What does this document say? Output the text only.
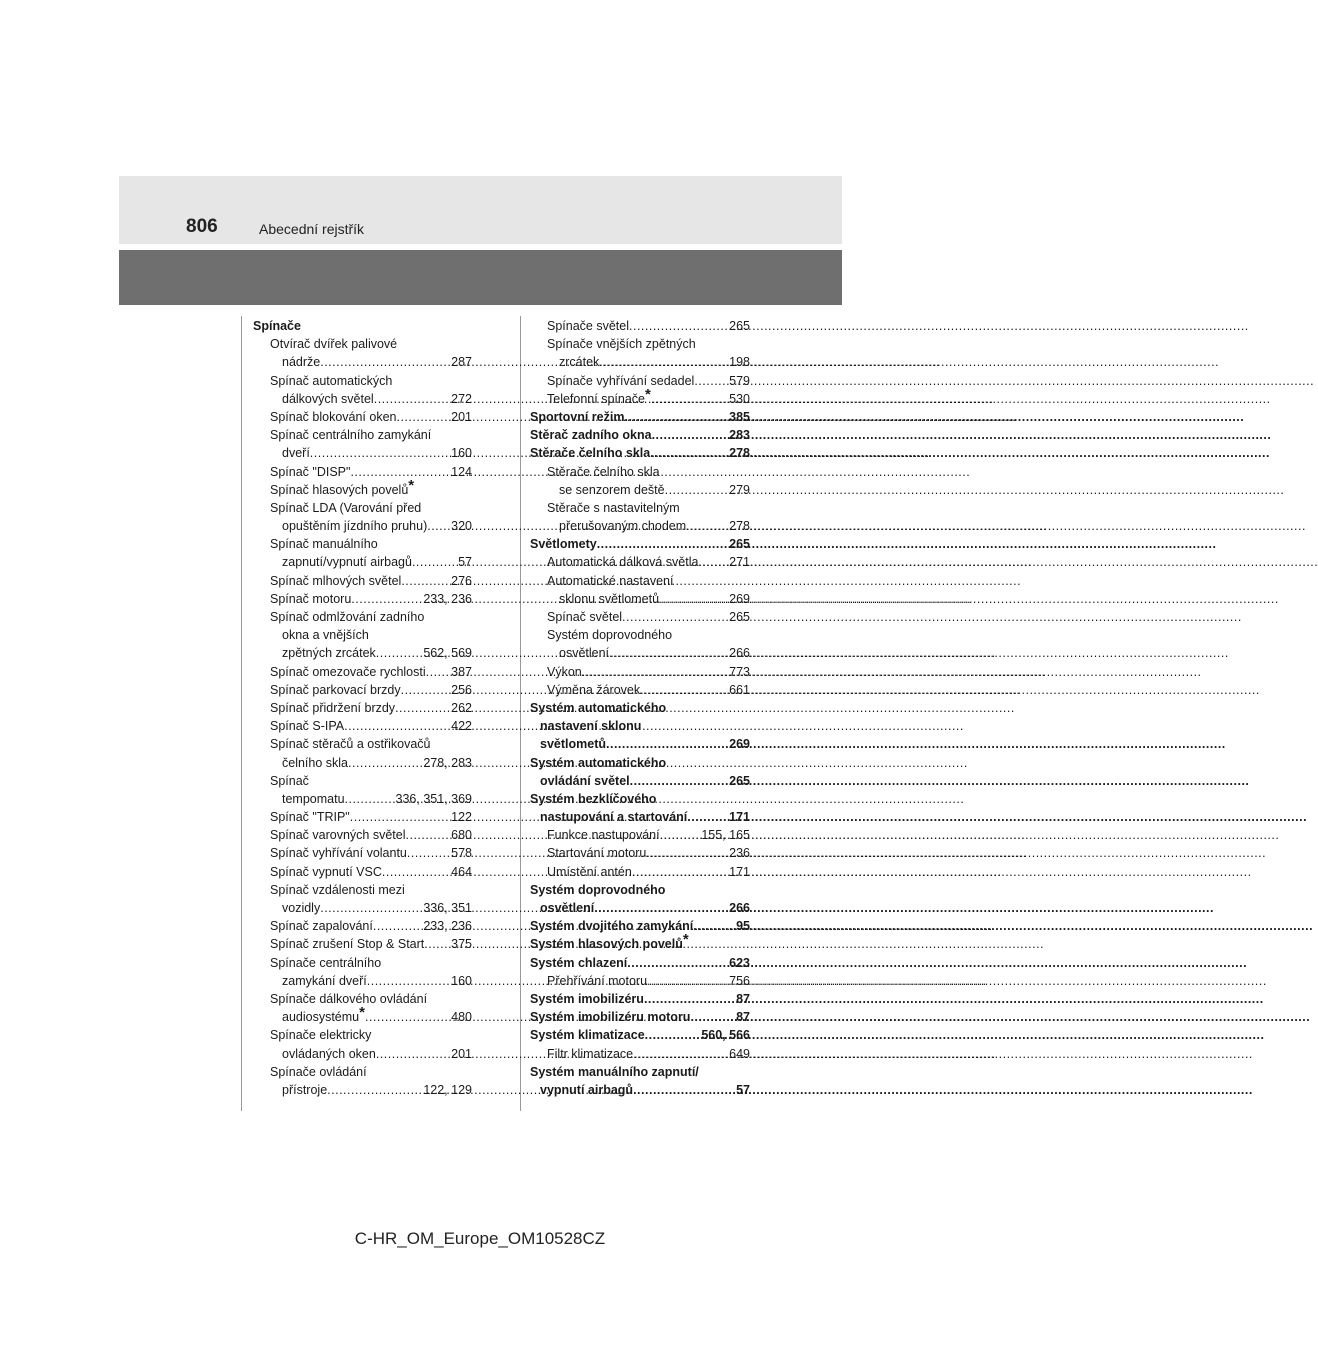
806	Abecední rejstřík
Spínače
Otvírač dvířek palivové
nádrže .....	287
Spínač automatických
dálkových světel .....	272
Spínač blokování oken .....	201
Spínač centrálního zamykání
dveří .....	160
Spínač "DISP" .....	124
Spínač hlasových povelů *
Spínač LDA (Varování před
opuštěním jízdního pruhu) ..... 320
Spínač manuálního
zapnutí/vypnutí airbagů .....	57
Spínač mlhových světel .....	276
Spínač motoru .....	233, 236
Spínač odmlžování zadního
okna a vnějších
zpětných zrcátek .....	562, 569
Spínač omezovače rychlosti ..... 387
Spínač parkovací brzdy .....	256
Spínač přidržení brzdy .....	262
Spínač S-IPA .....	422
Spínač stěračů a ostřikovačů
čelního skla .....	278, 283
Spínač
tempomatu .....	336, 351, 369
Spínač "TRIP" .....	122
Spínač varovných světel .....	680
Spínač vyhřívání volantu .....	578
Spínač vypnutí VSC .....	464
Spínač vzdálenosti mezi
vozidly .....	336, 351
Spínač zapalování .....	233, 236
Spínač zrušení Stop & Start ..... 375
Spínače centrálního
zamykání dveří .....	160
Spínače dálkového ovládání
audiosystému * .....	480
Spínače elektricky
ovládaných oken .....	201
Spínače ovládání
přístroje .....	122, 129
Spínače světel .....	265
Spínače vnějších zpětných
zrcátek .....	198
Spínače vyhřívání sedadel .....	579
Telefonní spínače * .....	530
Sportovní režim .....	385
Stěrač zadního okna .....	283
Stěrače čelního skla .....	278
Stěrače čelního skla
se senzorem deště .....	279
Stěrače s nastavitelným
přerušovaným chodem .....	278
Světlomety .....	265
Automatická dálková světla ..... 271
Automatické nastavení
sklonu světlometů .....	269
Spínač světel .....	265
Systém doprovodného
osvětlení .....	266
Výkon .....	773
Výměna žárovek .....	661
Systém automatického
nastavení sklonu
světlometů .....	269
Systém automatického
ovládání světel .....	265
Systém bezklíčového
nastupování a startování .....	171
Funkce nastupování .....	155, 165
Startování motoru .....	236
Umístění antén .....	171
Systém doprovodného
osvětlení .....	266
Systém dvojitého zamykání .....	95
Systém hlasových povelů *
Systém chlazení .....	623
Přehřívání motoru .....	756
Systém imobilizéru .....	87
Systém imobilizéru motoru .....	87
Systém klimatizace .....	560, 566
Filtr klimatizace .....	649
Systém manuálního zapnutí/
vypnutí airbagů .....	57
C-HR_OM_Europe_OM10528CZ
